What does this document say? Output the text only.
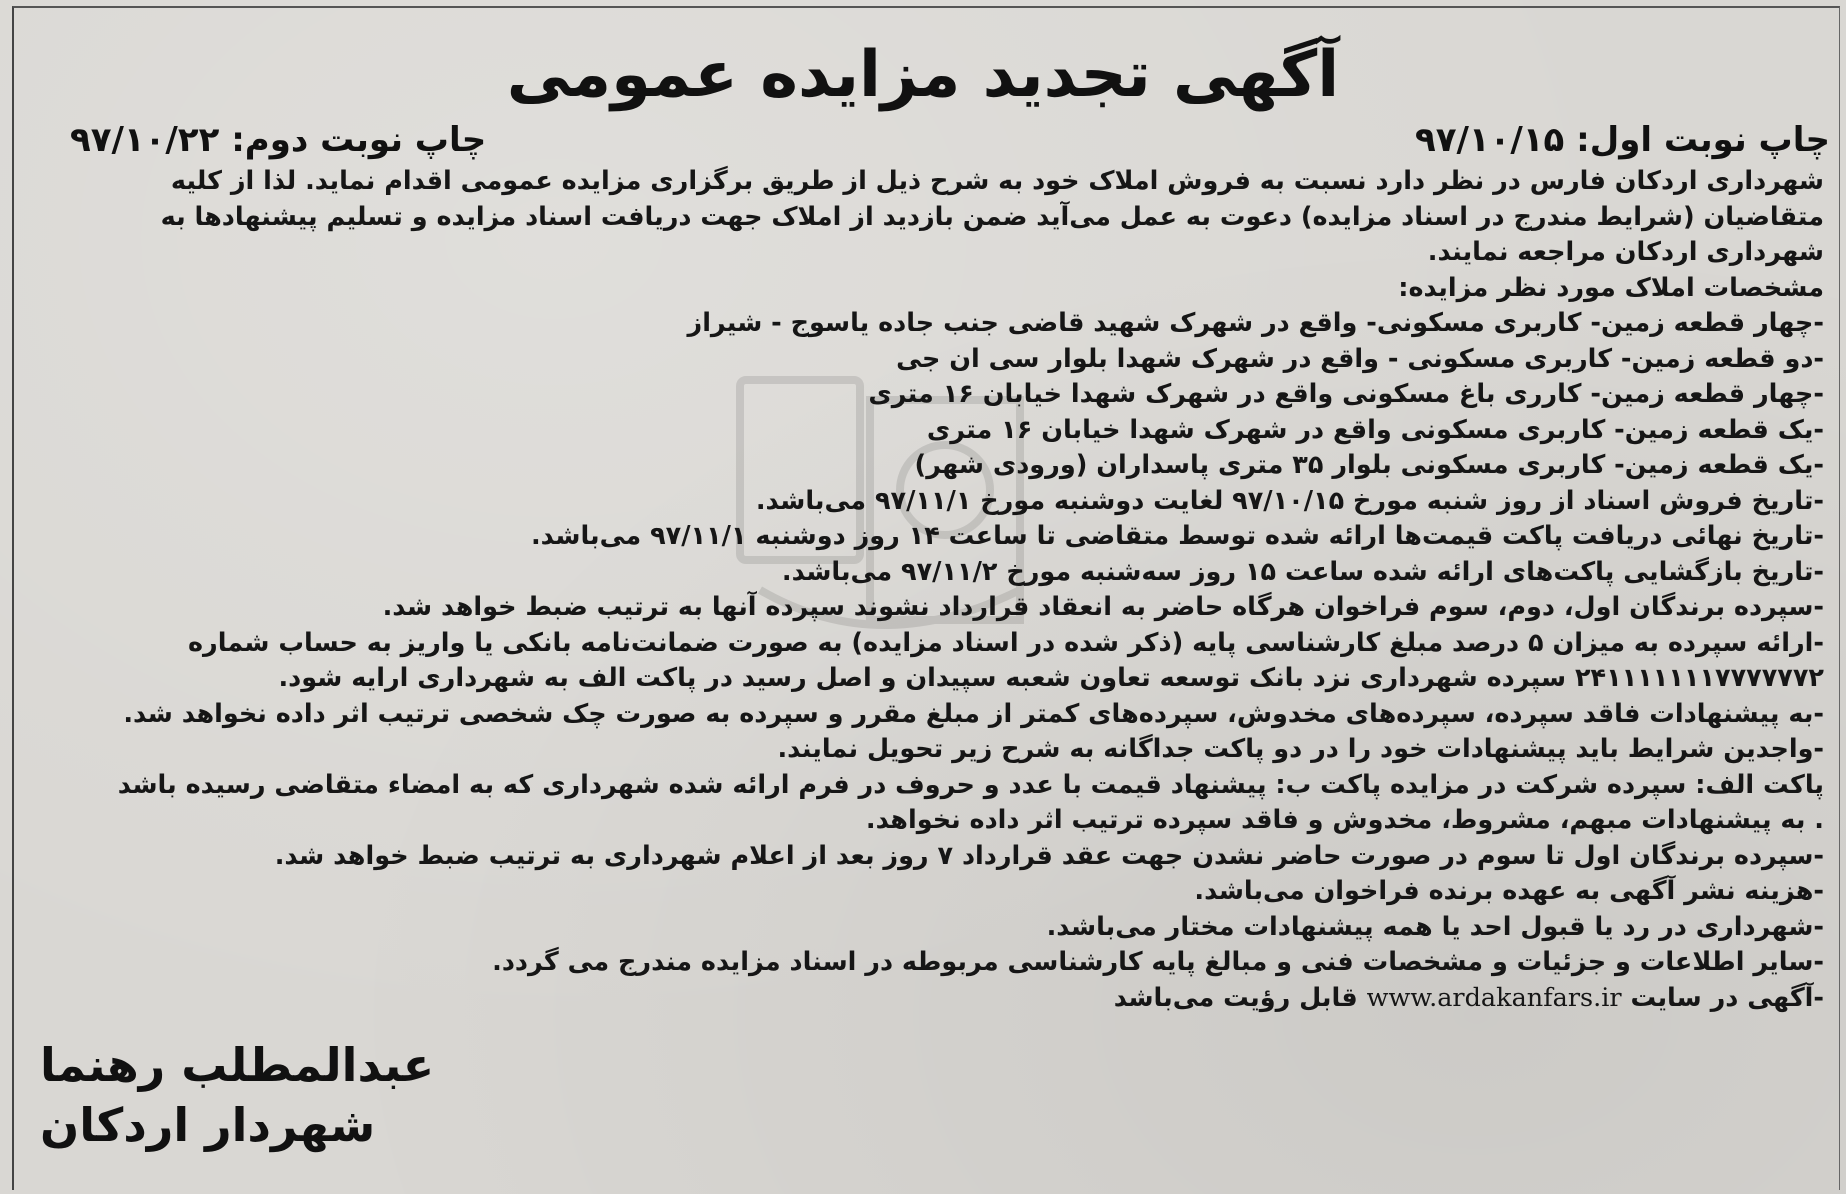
آگهی تجدید مزایده عمومی
چاپ نوبت اول: ۹۷/۱۰/۱۵
چاپ نوبت دوم: ۹۷/۱۰/۲۲

شهرداری اردکان فارس در نظر دارد نسبت به فروش املاک خود به شرح ذیل از طریق برگزاری مزایده عمومی اقدام نماید. لذا از کلیه

متقاضیان (شرایط مندرج در اسناد مزایده) دعوت به عمل می‌آید ضمن بازدید از املاک جهت دریافت اسناد مزایده و تسلیم پیشنهادها به

شهرداری اردکان مراجعه نمایند.

مشخصات املاک مورد نظر مزایده:

-چهار قطعه زمین- کاربری مسکونی- واقع در شهرک شهید قاضی جنب جاده یاسوج - شیراز

-دو قطعه زمین- کاربری مسکونی - واقع در شهرک شهدا بلوار سی ان جی

-چهار قطعه زمین- کارری باغ مسکونی واقع در شهرک شهدا خیابان ۱۶ متری

-یک قطعه زمین- کاربری مسکونی واقع در شهرک شهدا خیابان ۱۶ متری

-یک قطعه زمین- کاربری مسکونی بلوار ۳۵ متری پاسداران (ورودی شهر)

-تاریخ فروش اسناد از روز شنبه مورخ ۹۷/۱۰/۱۵ لغایت دوشنبه مورخ ۹۷/۱۱/۱ می‌باشد.

-تاریخ نهائی دریافت پاکت قیمت‌ها ارائه شده توسط متقاضی تا ساعت ۱۴ روز دوشنبه ۹۷/۱۱/۱ می‌باشد.

-تاریخ بازگشایی پاکت‌های ارائه شده ساعت ۱۵ روز سه‌شنبه مورخ ۹۷/۱۱/۲ می‌باشد.

-سپرده برندگان اول، دوم، سوم فراخوان هرگاه حاضر به انعقاد قرارداد نشوند سپرده آنها به ترتیب ضبط خواهد شد.

-ارائه سپرده به میزان ۵ درصد مبلغ کارشناسی پایه (ذکر شده در اسناد مزایده) به صورت ضمانت‌نامه بانکی یا واریز به حساب شماره

۲۴۱۱۱۱۱۱۱۷۷۷۷۷۷۲ سپرده شهرداری نزد بانک توسعه تعاون شعبه سپیدان و اصل رسید در پاکت الف به شهرداری ارایه شود.

-به پیشنهادات فاقد سپرده، سپرده‌های مخدوش، سپرده‌های کمتر از مبلغ مقرر و سپرده به صورت چک شخصی ترتیب اثر داده نخواهد شد.

-واجدین شرایط باید پیشنهادات خود را در دو پاکت جداگانه به شرح زیر تحویل نمایند.

پاکت الف: سپرده شرکت در مزایده پاکت ب: پیشنهاد قیمت با عدد و حروف در فرم ارائه شده شهرداری که به امضاء متقاضی رسیده باشد

. به پیشنهادات مبهم، مشروط، مخدوش و فاقد سپرده ترتیب اثر داده نخواهد.

-سپرده برندگان اول تا سوم در صورت حاضر نشدن جهت عقد قرارداد ۷ روز بعد از اعلام شهرداری به ترتیب ضبط خواهد شد.

-هزینه نشر آگهی به عهده برنده فراخوان می‌باشد.

-شهرداری در رد یا قبول احد یا همه پیشنهادات مختار می‌باشد.

-سایر اطلاعات و جزئیات و مشخصات فنی و مبالغ پایه کارشناسی مربوطه در اسناد مزایده مندرج می گردد.

-آگهی در سایت www.ardakanfars.ir قابل رؤیت می‌باشد

عبدالمطلب رهنما
شهردار اردکان
